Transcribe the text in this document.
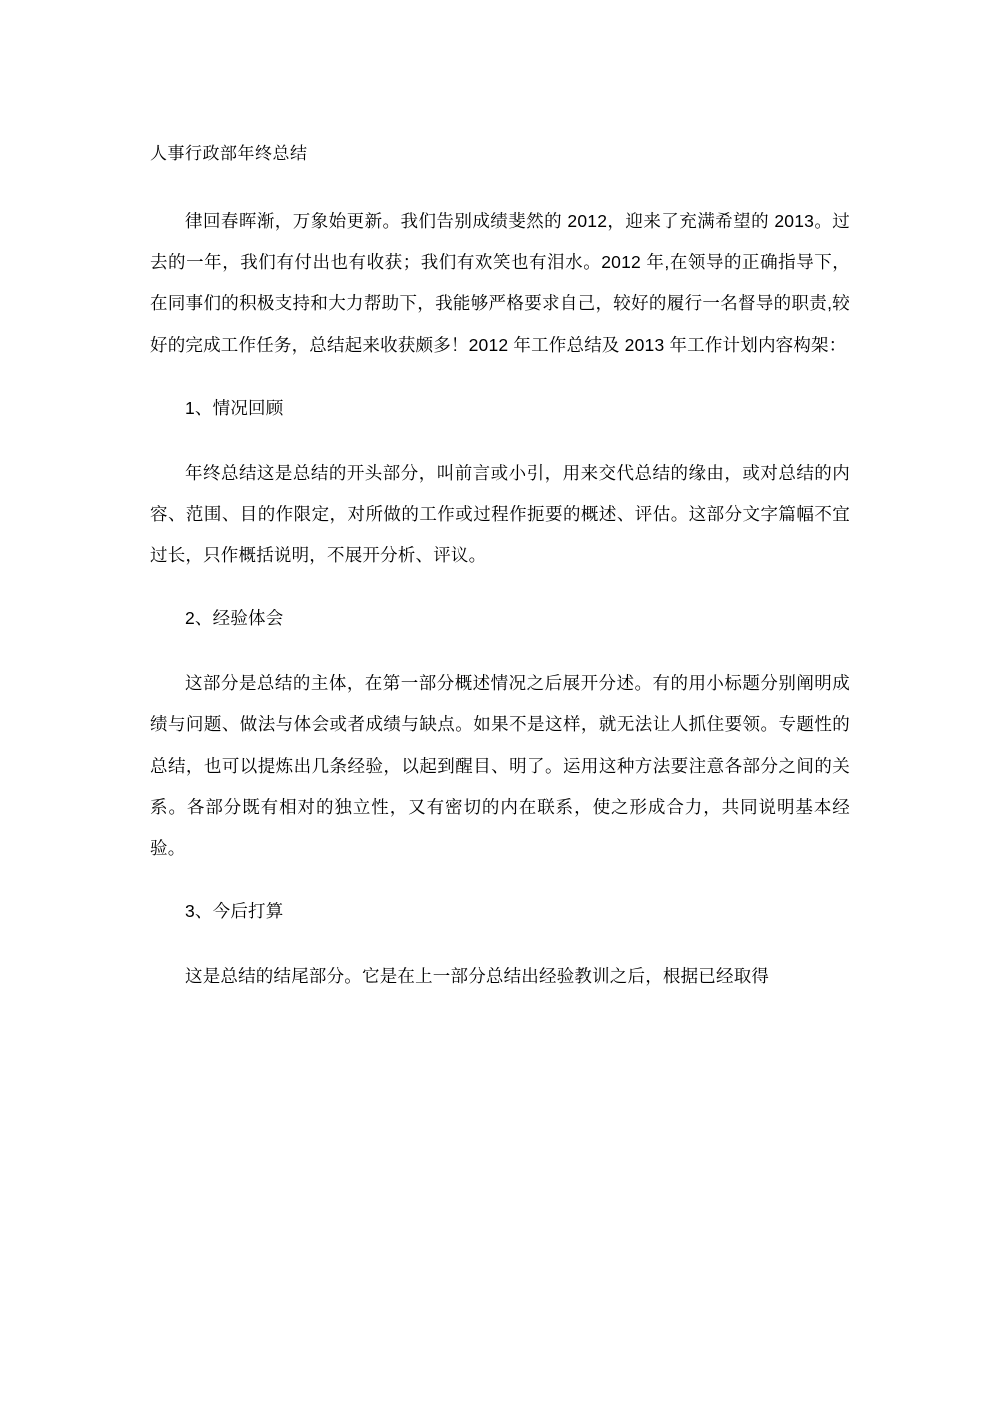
人事行政部年终总结

律回春晖渐，万象始更新。我们告别成绩斐然的 2012，迎来了充满希望的 2013。过去的一年，我们有付出也有收获；我们有欢笑也有泪水。2012 年,在领导的正确指导下，在同事们的积极支持和大力帮助下，我能够严格要求自己，较好的履行一名督导的职责,较好的完成工作任务，总结起来收获颇多！2012 年工作总结及 2013 年工作计划内容构架：

1、情况回顾

年终总结这是总结的开头部分，叫前言或小引，用来交代总结的缘由，或对总结的内容、范围、目的作限定，对所做的工作或过程作扼要的概述、评估。这部分文字篇幅不宜过长，只作概括说明，不展开分析、评议。

2、经验体会

这部分是总结的主体，在第一部分概述情况之后展开分述。有的用小标题分别阐明成绩与问题、做法与体会或者成绩与缺点。如果不是这样，就无法让人抓住要领。专题性的总结，也可以提炼出几条经验，以起到醒目、明了。运用这种方法要注意各部分之间的关系。各部分既有相对的独立性，又有密切的内在联系，使之形成合力，共同说明基本经验。

3、今后打算

这是总结的结尾部分。它是在上一部分总结出经验教训之后，根据已经取得
